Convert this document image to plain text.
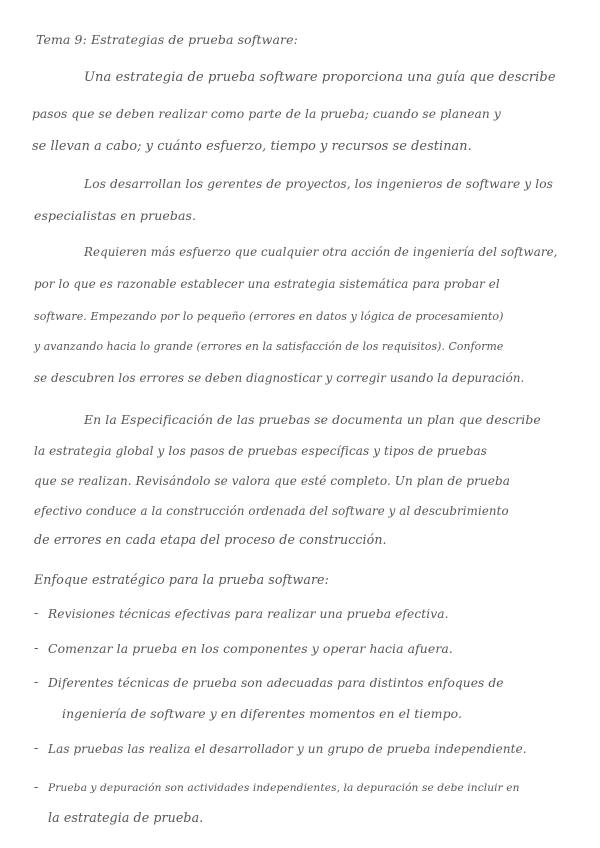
Tema 9: Estrategias de prueba software:
Una estrategia de prueba software proporciona una guía que describe
pasos que se deben realizar como parte de la prueba; cuando se planean y
se llevan a cabo; y cuánto esfuerzo, tiempo y recursos se destinan.
Los desarrollan los gerentes de proyectos, los ingenieros de software y los
especialistas en pruebas.
Requieren más esfuerzo que cualquier otra acción de ingeniería del software,
por lo que es razonable establecer una estrategia sistemática para probar el
software. Empezando por lo pequeño (errores en datos y lógica de procesamiento)
y avanzando hacia lo grande (errores en la satisfacción de los requisitos). Conforme
se descubren los errores se deben diagnosticar y corregir usando la depuración.
En la Especificación de las pruebas se documenta un plan que describe
la estrategia global y los pasos de pruebas específicas y tipos de pruebas
que se realizan. Revisándolo se valora que esté completo. Un plan de prueba
efectivo conduce a la construcción ordenada del software y al descubrimiento
de errores en cada etapa del proceso de construcción.
Enfoque estratégico para la prueba software:
- Revisiones técnicas efectivas para realizar una prueba efectiva.
- Comenzar la prueba en los componentes y operar hacia afuera.
- Diferentes técnicas de prueba son adecuadas para distintos enfoques de
ingeniería de software y en diferentes momentos en el tiempo.
- Las pruebas las realiza el desarrollador y un grupo de prueba independiente.
- Prueba y depuración son actividades independientes, la depuración se debe incluir en
la estrategia de prueba.
